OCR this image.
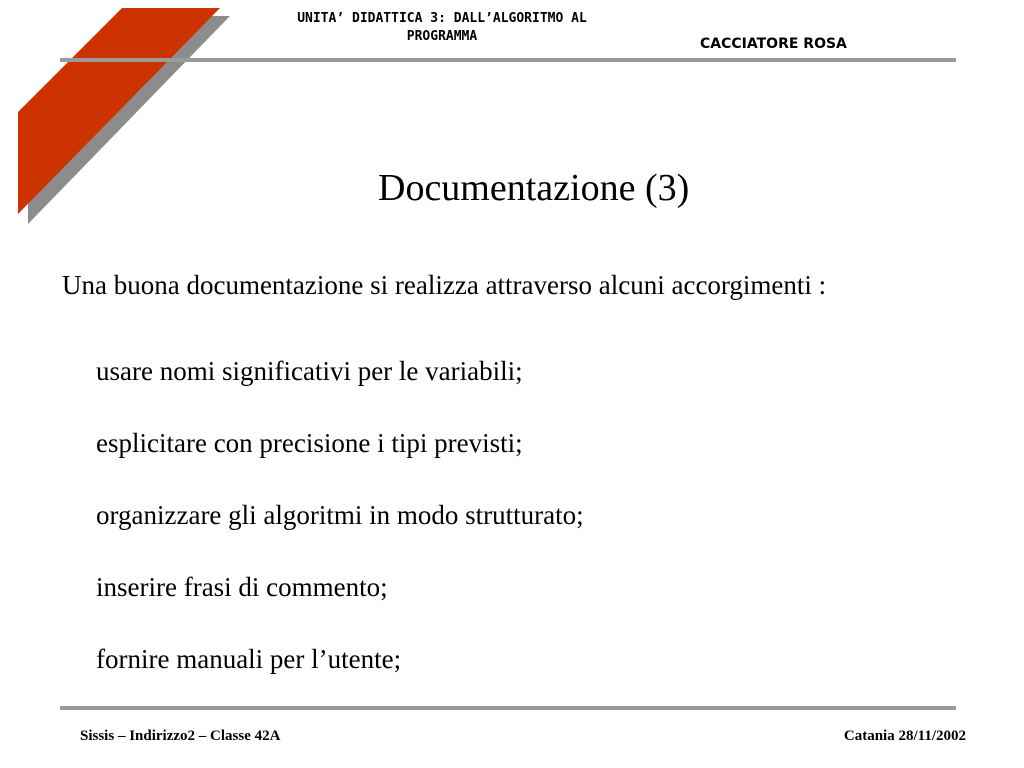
UNITA’ DIDATTICA 3: DALL’ALGORITMO AL
PROGRAMMA	CACCIATORE ROSA
Documentazione (3)
Una buona documentazione si realizza attraverso alcuni accorgimenti :
usare nomi significativi per le variabili;
esplicitare con precisione i tipi previsti;
organizzare gli algoritmi in modo strutturato;
inserire frasi di commento;
fornire manuali per l’utente;
Sissis – Indirizzo2 – Classe 42A	Catania 28/11/2002
